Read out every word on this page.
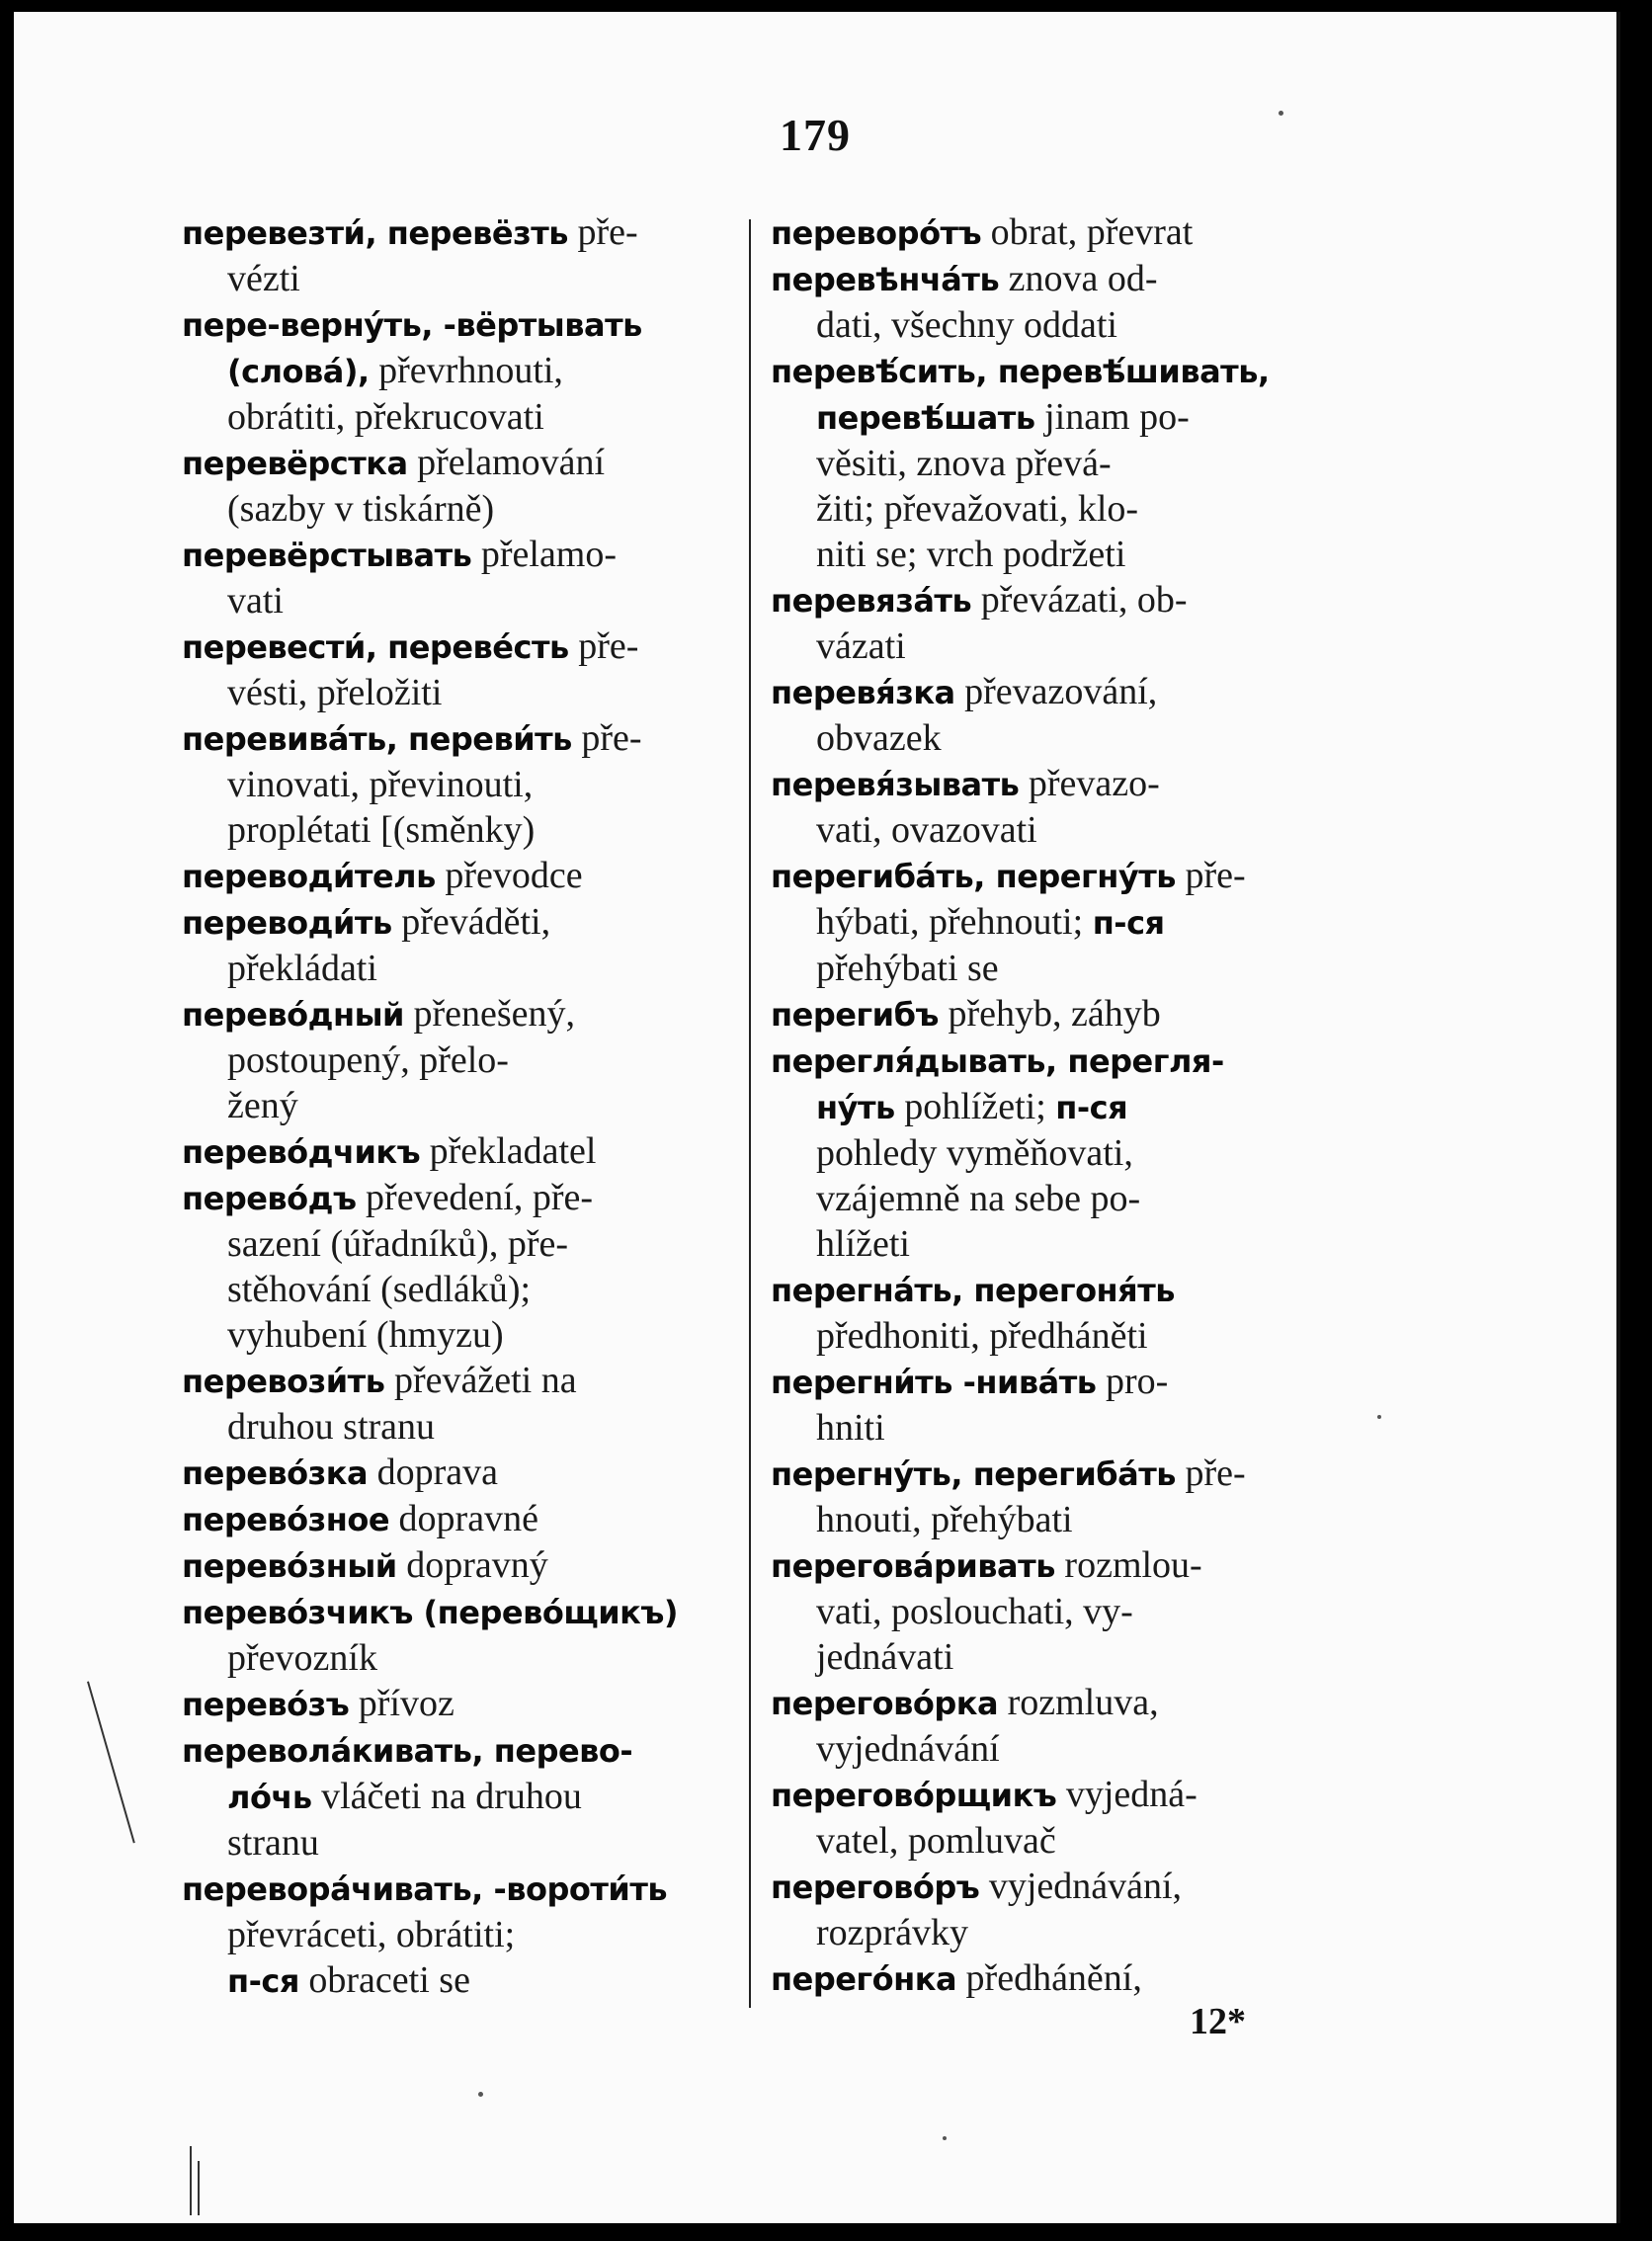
179
перевезти́, перевёзть pře-
vézti
пере-верну́ть, -вёртывать
(слова́), převrhnouti,
obrátiti, překrucovati
перевёрстка přelamování
(sazby v tiskárně)
перевёрстывать přelamo-
vati
перевести́, переве́сть pře-
vésti, přeložiti
перевива́ть, переви́ть pře-
vinovati, převinouti,
proplétati [(směnky)
переводи́тель převodce
переводи́ть převáděti,
překládati
перево́дный přenešený,
postoupený, přelo-
žený
перево́дчикъ překladatel
перево́дъ převedení, pře-
sazení (úřadníků), pře-
stěhování (sedláků);
vyhubení (hmyzu)
перевози́ть převážeti na
druhou stranu
перево́зка doprava
перево́зное dopravné
перево́зный dopravný
перево́зчикъ (перево́щикъ)
převozník
перево́зъ přívoz
переволáкивать, перево-
ло́чь vláčeti na druhou
stranu
перевора́чивать, -вороти́ть
převráceti, obrátiti;
п-ся obraceti se
переворо́тъ obrat, převrat
перевѣнча́ть znova od-
dati, všechny oddati
перевѣ́сить, перевѣ́шивать,
перевѣ́шать jinam po-
věsiti, znova převá-
žiti; převažovati, klo-
niti se; vrch podržeti
перевяза́ть převázati, ob-
vázati
перевя́зка převazování,
obvazek
перевя́зывать převazo-
vati, ovazovati
перегиба́ть, перегну́ть pře-
hýbati, přehnouti; п-ся
přehýbati se
перегибъ přehyb, záhyb
перегля́дывать, перегля-
ну́ть pohlížeti; п-ся
pohledy vyměňovati,
vzájemně na sebe po-
hlížeti
перегна́ть, перегоня́ть
předhoniti, předháněti
перегни́ть -нива́ть pro-
hniti
перегну́ть, перегиба́ть pře-
hnouti, přehýbati
перегова́ривать rozmlou-
vati, poslouchati, vy-
jednávati
перегово́рка rozmluva,
vyjednávání
перегово́рщикъ vyjedná-
vatel, pomluvač
перегово́ръ vyjednávání,
rozprávky
перего́нка předhánění,
12*
